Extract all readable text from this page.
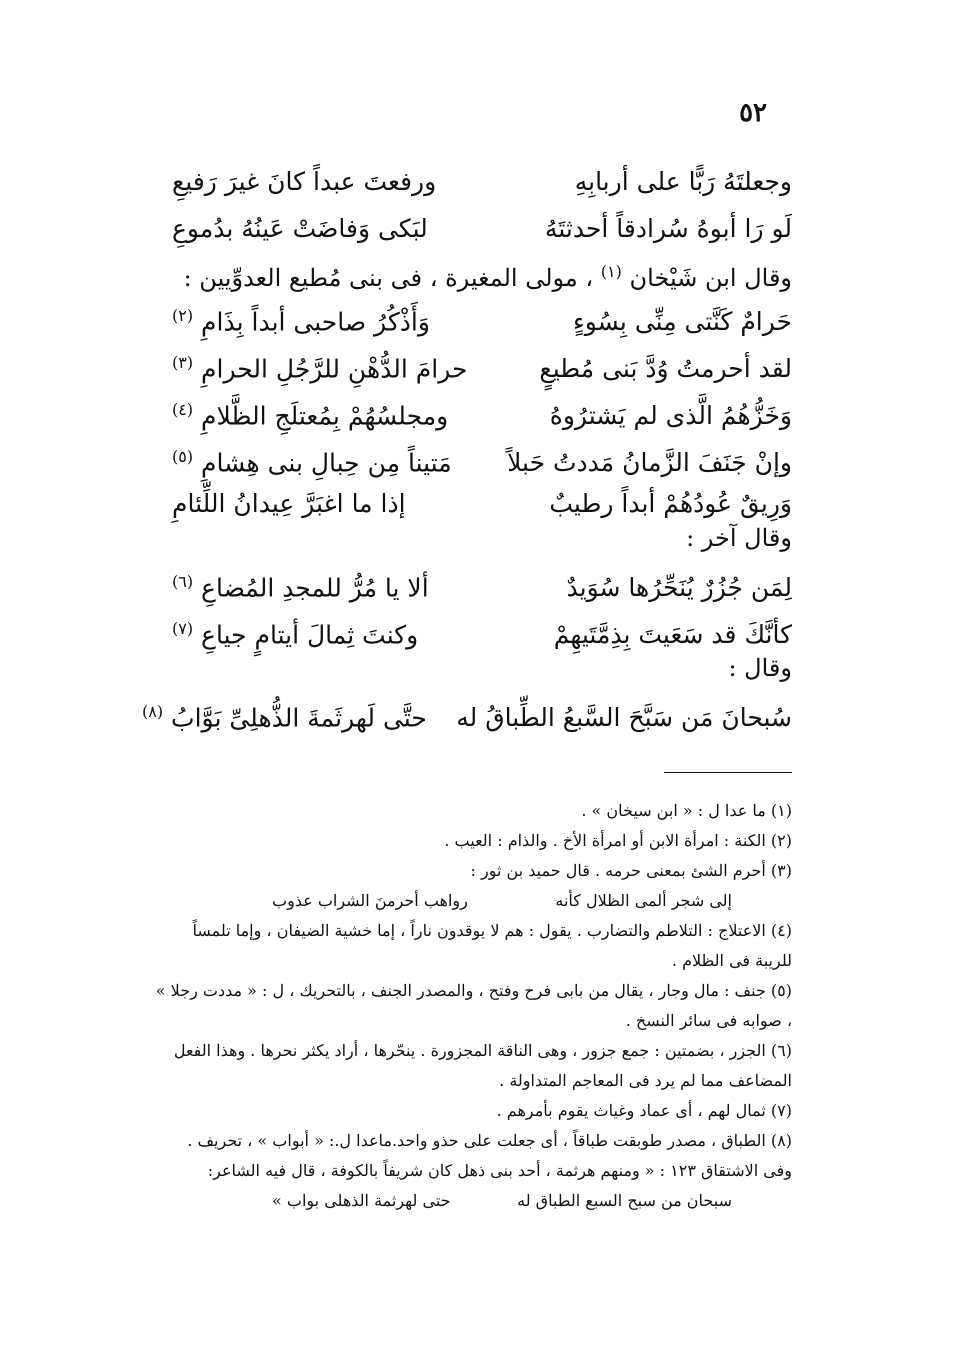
٥٢
وجعلتَهُ رَبًّا على أربابِهِ
ورفعتَ عبداً كانَ غيرَ رَفيعِ
لَو رَا أبوهُ سُرادقاً أحدثتَهُ
لبَكى وَفاضَتْ عَينُهُ بدُموعِ
وقال ابن شَيْخان $^{(١)}$ ، مولى المغيرة ، فى بنى مُطيع العدوِّيين :
حَرامٌ كَنَّتى مِنِّى بِسُوءٍ
وَأَذْكُرُ صاحبى أبداً بِذَامِ $^{(٢)}$
لقد أحرمتُ وُدَّ بَنى مُطيعٍ
حرامَ الدُّهْنِ للرَّجُلِ الحرامِ $^{(٣)}$
وَخَزُّهُمُ الَّذى لم يَشترُوهُ
ومجلسُهُمْ بِمُعتلَجِ الظَّلامِ $^{(٤)}$
وإنْ جَنَفَ الزَّمانُ مَددتُ حَبلاً
مَتيناً مِن حِبالِ بنى هِشامِ $^{(٥)}$
وَرِيقٌ عُودُهُمْ أبداً رطيبٌ
إذا ما اغبَرَّ عِيدانُ اللِّئامِ
وقال آخر :
لِمَن جُزُرٌ يُنَحِّرُها سُوَيدٌ
ألا يا مُرُّ للمجدِ المُضاعِ $^{(٦)}$
كأنَّكَ قد سَعَيتَ بِذِمَّتَيهِمْ
وكنتَ ثِمالَ أيتامٍ جياعِ $^{(٧)}$
وقال :
سُبحانَ مَن سَبَّحَ السَّبعُ الطِّباقُ له
حتَّى لَهرثَمةَ الذُّهلِىِّ بَوَّابُ $^{(٨)}$

(١) ما عدا ل : « ابن سيخان » .

(٢) الكنة : امرأة الابن أو امرأة الأخ . والذام : العيب .

(٣) أحرم الشئ بمعنى حرمه . قال حميد بن ثور :

إلى شجر ألمى الظلال كأنه
رواهب أحرمنَ الشراب عذوب

(٤) الاعتلاج : التلاطم والتضارب . يقول : هم لا يوقدون ناراً ، إما خشية الضيفان ، وإما تلمساً للريبة فى الظلام .

(٥) جنف : مال وجار ، يقال من بابى فرح وفتح ، والمصدر الجنف ، بالتحريك ، ل : « مددت رجلا » ، صوابه فى سائر النسخ .

(٦) الجزر ، بضمتين : جمع جزور ، وهى الناقة المجزورة . ينحّرها ، أراد يكثر نحرها . وهذا الفعل المضاعف مما لم يرد فى المعاجم المتداولة .

(٧) ثمال لهم ، أى عماد وغياث يقوم بأمرهم .

(٨) الطباق ، مصدر طوبقت طباقاً ، أى جعلت على حذو واحد.ماعدا ل.: « أبواب » ، تحريف .

وفى الاشتقاق ١٢٣ : « ومنهم هرثمة ، أحد بنى ذهل كان شريفاً بالكوفة ، قال فيه الشاعر:

سبحان من سبح السبع الطباق له
حتى لهرثمة الذهلى بواب »
